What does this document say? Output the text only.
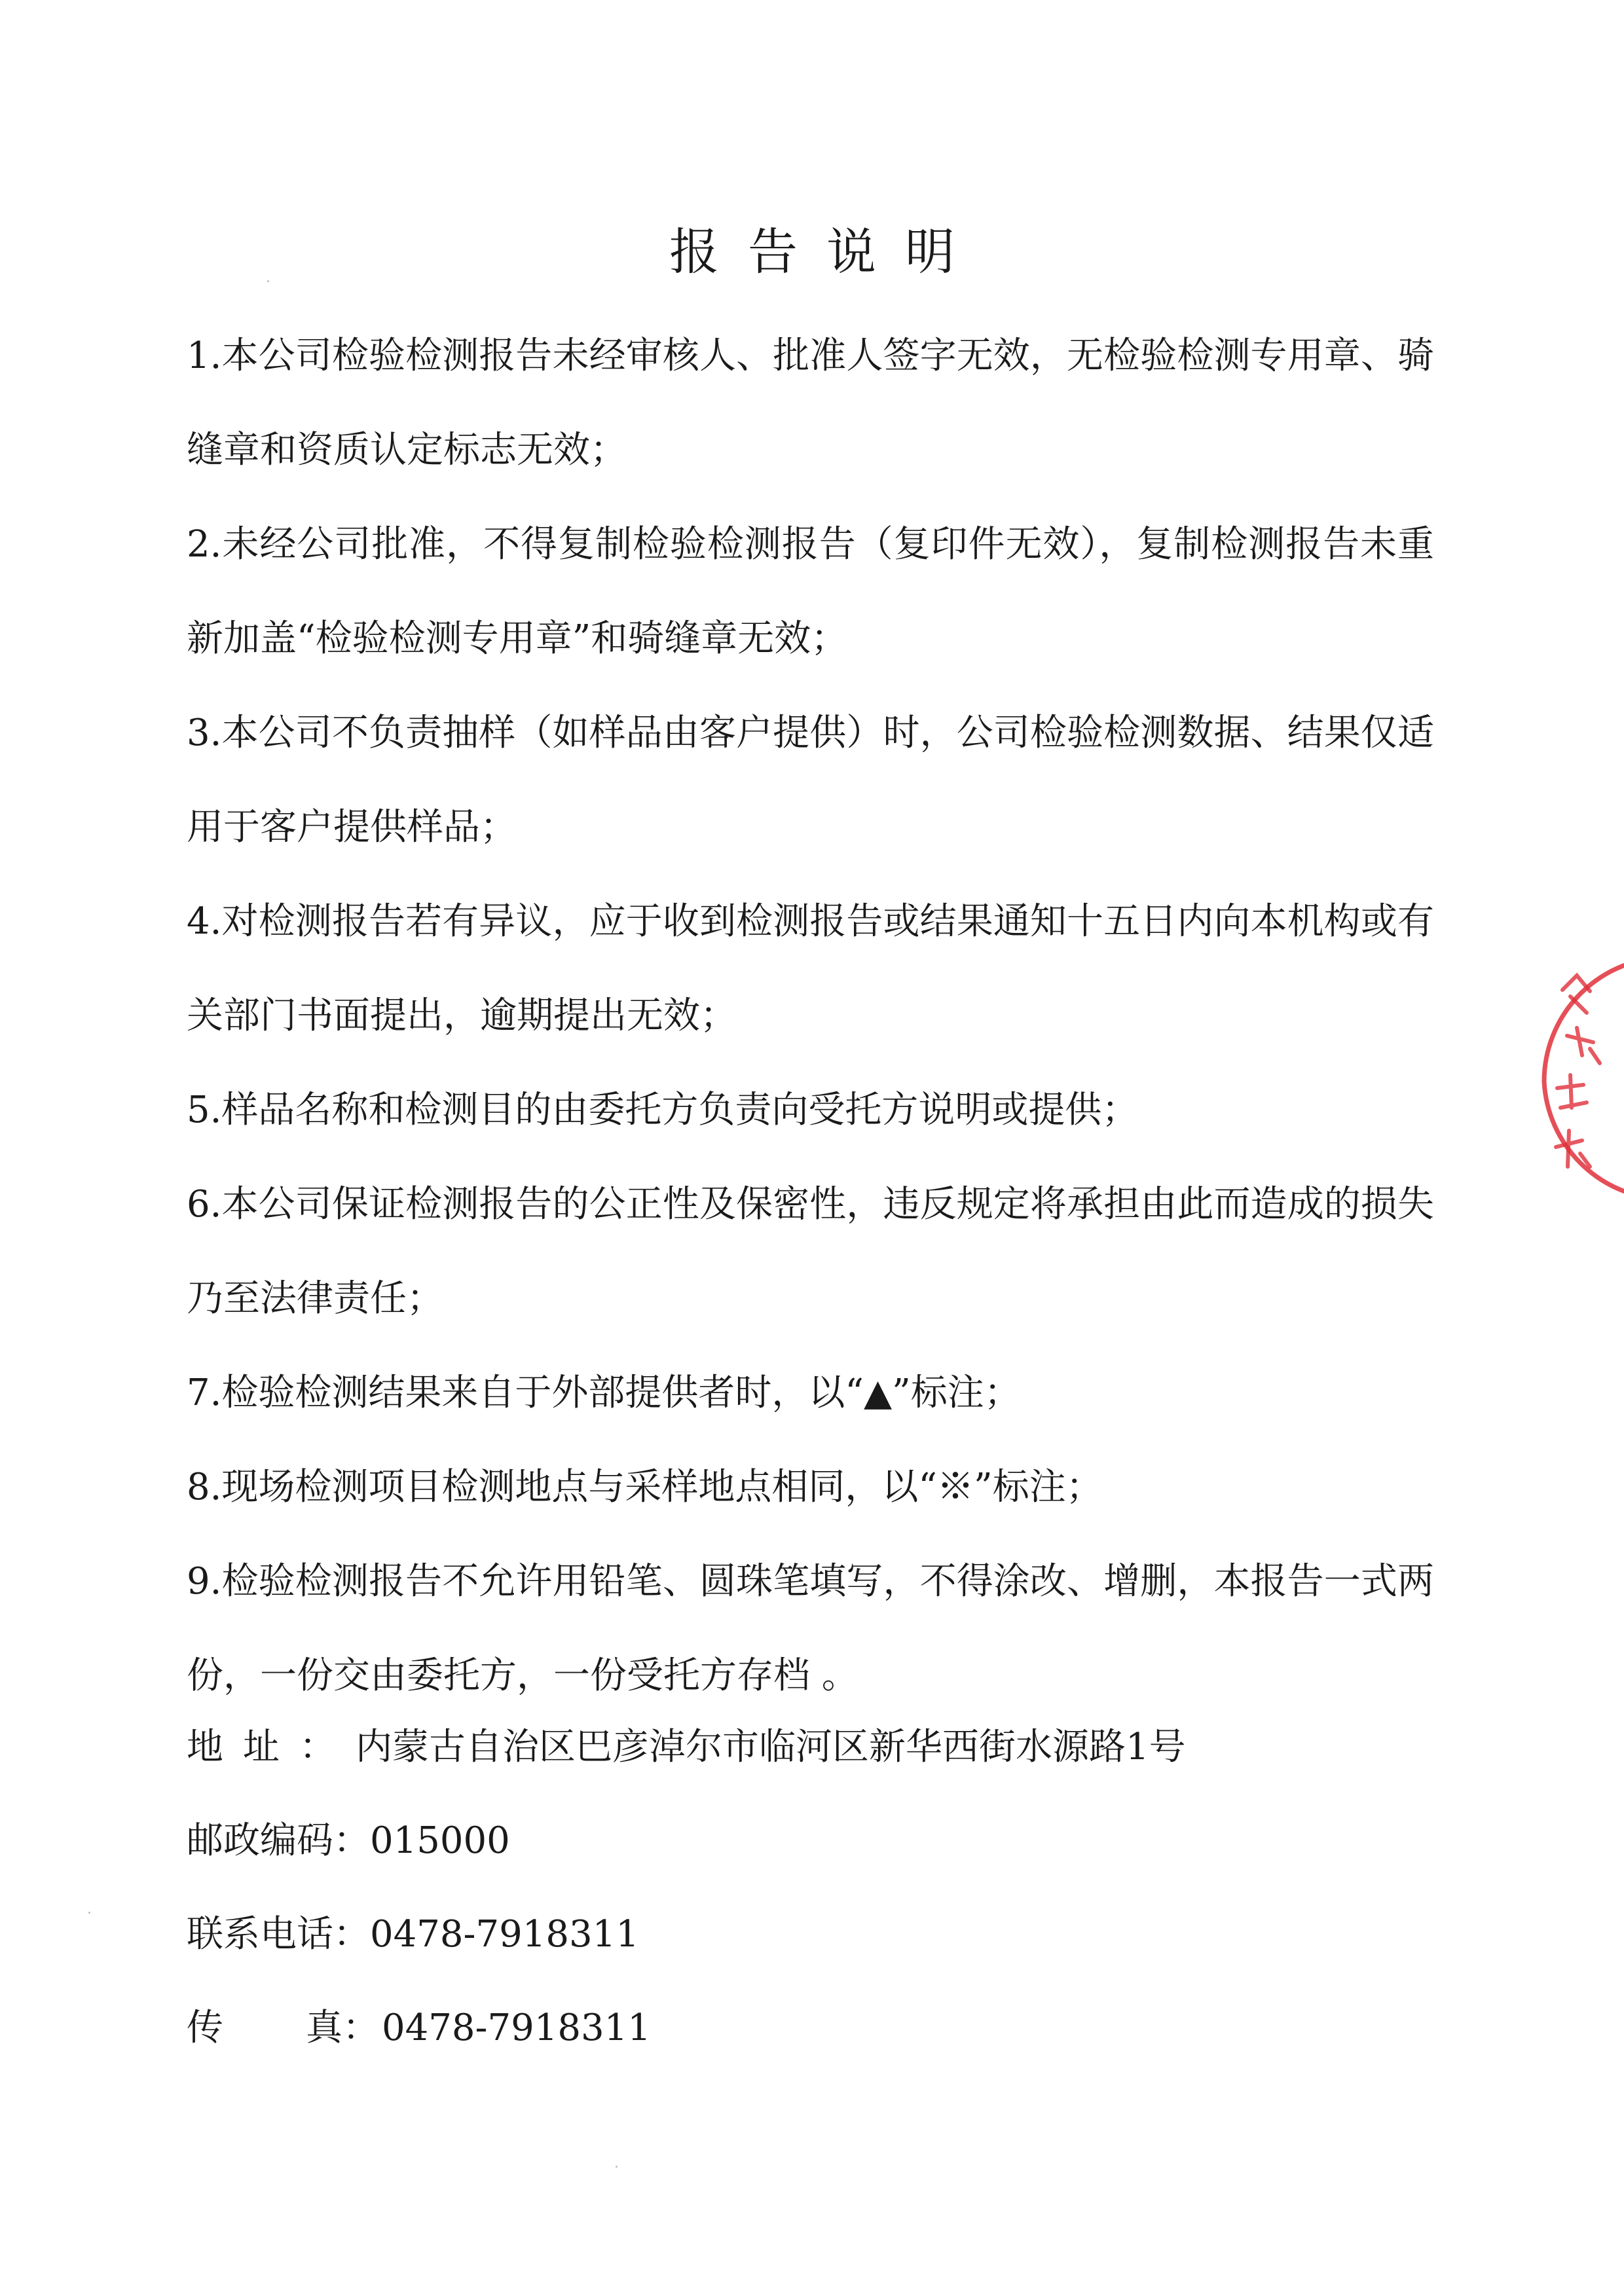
报告说明
1.本公司检验检测报告未经审核人、批准人签字无效，无检验检测专用章、骑缝章和资质认定标志无效；
2.未经公司批准，不得复制检验检测报告（复印件无效），复制检测报告未重新加盖“检验检测专用章”和骑缝章无效；
3.本公司不负责抽样（如样品由客户提供）时，公司检验检测数据、结果仅适用于客户提供样品；
4.对检测报告若有异议，应于收到检测报告或结果通知十五日内向本机构或有关部门书面提出，逾期提出无效；
5.样品名称和检测目的由委托方负责向受托方说明或提供；
6.本公司保证检测报告的公正性及保密性，违反规定将承担由此而造成的损失乃至法律责任；
7.检验检测结果来自于外部提供者时，以“▲”标注；
8.现场检测项目检测地点与采样地点相同，以“※”标注；
9.检验检测报告不允许用铅笔、圆珠笔填写，不得涂改、增删，本报告一式两份，一份交由委托方，一份受托方存档 。
地址：内蒙古自治区巴彦淖尔市临河区新华西街水源路1号
邮政编码：015000
联系电话：0478-7918311
传 真：0478-7918311
